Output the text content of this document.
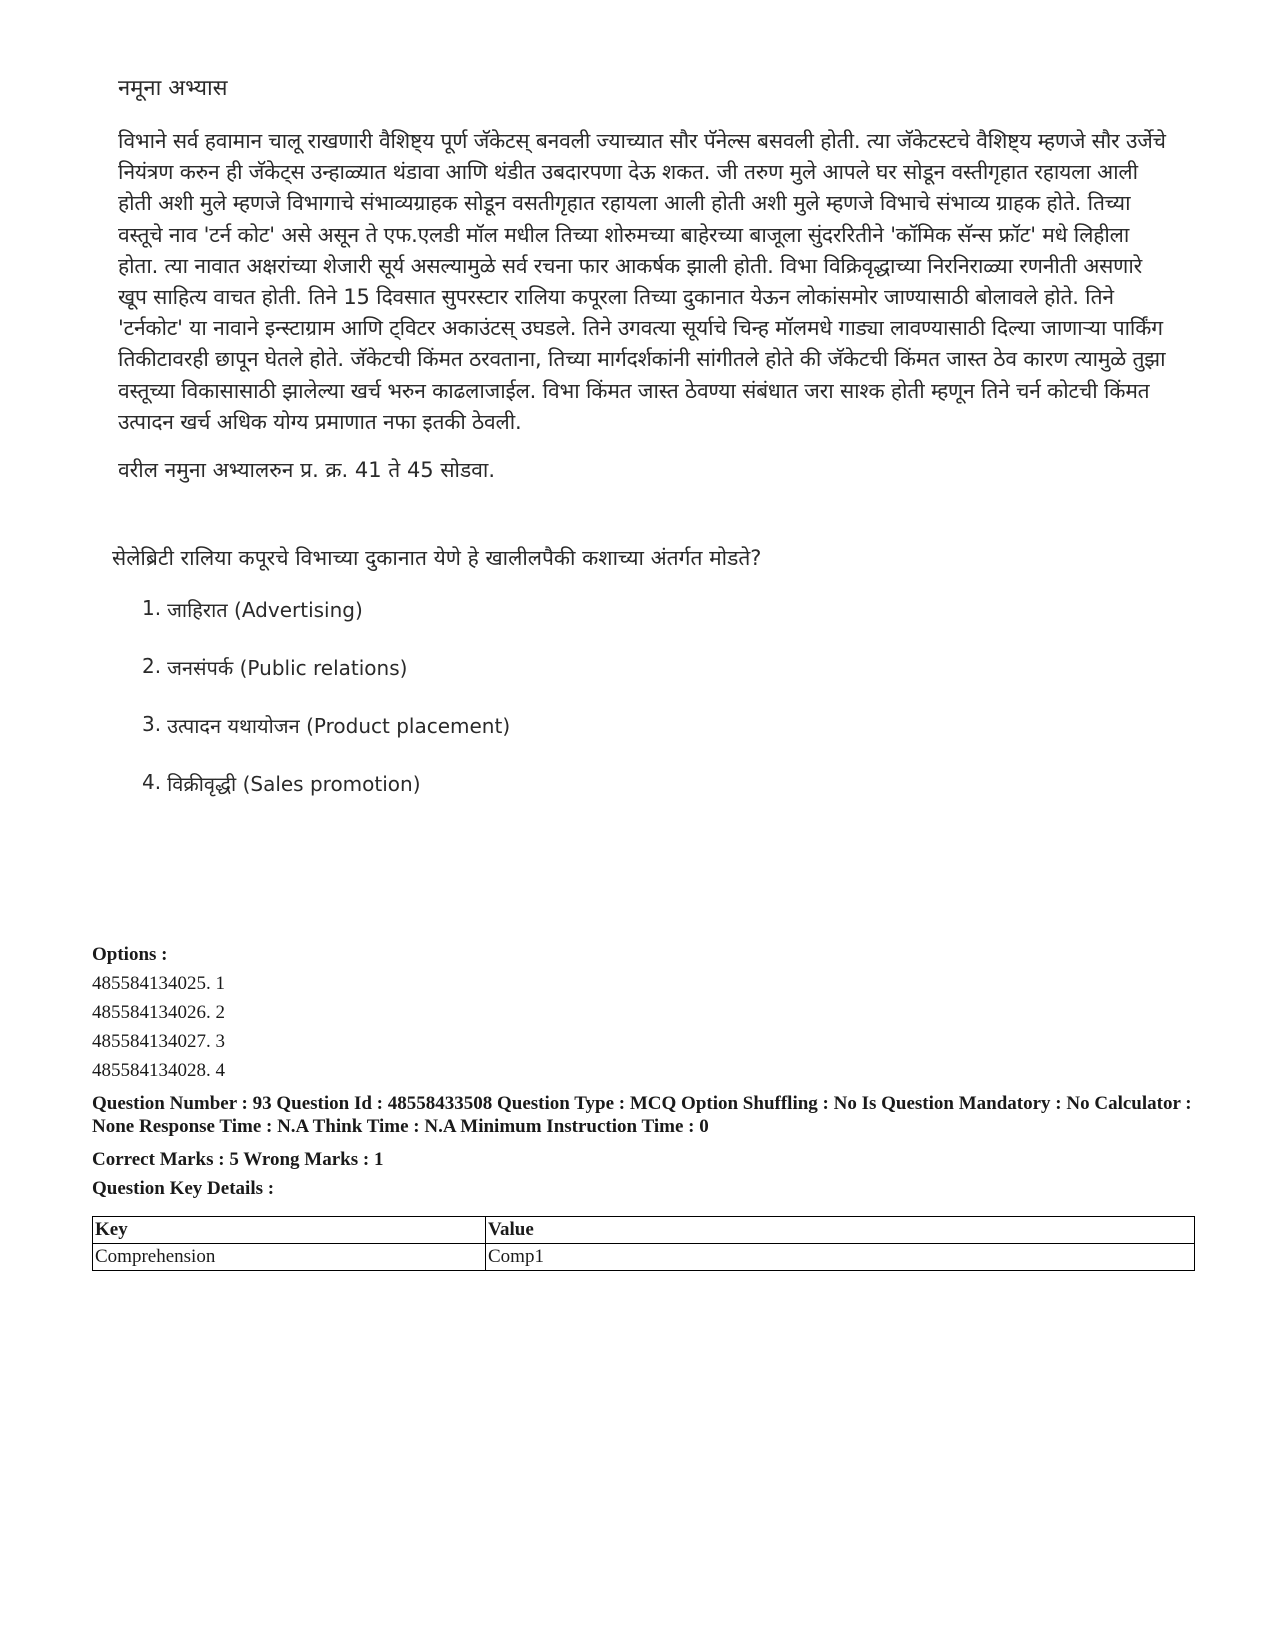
नमूना अभ्यास
विभाने सर्व हवामान चालू राखणारी वैशिष्ट्य पूर्ण जॅकेटस् बनवली ज्याच्यात सौर पॅनेल्स बसवली होती. त्या जॅकेटस्टचे वैशिष्ट्य म्हणजे सौर उर्जेचे नियंत्रण करुन ही जॅकेट्स उन्हाळ्यात थंडावा आणि थंडीत उबदारपणा देऊ शकत. जी तरुण मुले आपले घर सोडून वस्तीगृहात रहायला आली होती अशी मुले म्हणजे विभागाचे संभाव्यग्राहक सोडून वसतीगृहात रहायला आली होती अशी मुले म्हणजे विभाचे संभाव्य ग्राहक होते. तिच्या वस्तूचे नाव 'टर्न कोट' असे असून ते एफ.एलडी मॉल मधील तिच्या शोरुमच्या बाहेरच्या बाजूला सुंदररितीने 'कॉमिक सॅन्स फ्रॉट' मधे लिहीला होता. त्या नावात अक्षरांच्या शेजारी सूर्य असल्यामुळे सर्व रचना फार आकर्षक झाली होती. विभा विक्रिवृद्धाच्या निरनिराळ्या रणनीती असणारे खूप साहित्य वाचत होती. तिने 15 दिवसात सुपरस्टार रालिया कपूरला तिच्या दुकानात येऊन लोकांसमोर जाण्यासाठी बोलावले होते. तिने 'टर्नकोट' या नावाने इन्स्टाग्राम आणि ट्विटर अकाउंटस् उघडले. तिने उगवत्या सूर्याचे चिन्ह मॉलमधे गाड्या लावण्यासाठी दिल्या जाणाऱ्या पार्किंग तिकीटावरही छापून घेतले होते. जॅकेटची किंमत ठरवताना, तिच्या मार्गदर्शकांनी सांगीतले होते की जॅकेटची किंमत जास्त ठेव कारण त्यामुळे तुझा वस्तूच्या विकासासाठी झालेल्या खर्च भरुन काढलाजाईल. विभा किंमत जास्त ठेवण्या संबंधात जरा साश्क होती म्हणून तिने चर्न कोटची किंमत उत्पादन खर्च अधिक योग्य प्रमाणात नफा इतकी ठेवली.
वरील नमुना अभ्यालरुन प्र. क्र. 41 ते 45 सोडवा.
सेलेब्रिटी रालिया कपूरचे विभाच्या दुकानात येणे हे खालीलपैकी कशाच्या अंतर्गत मोडते?
1. जाहिरात (Advertising)
2. जनसंपर्क (Public relations)
3. उत्पादन यथायोजन (Product placement)
4. विक्रीवृद्धी (Sales promotion)
Options :
485584134025. 1
485584134026. 2
485584134027. 3
485584134028. 4
Question Number : 93 Question Id : 48558433508 Question Type : MCQ Option Shuffling : No Is Question Mandatory : No Calculator : None Response Time : N.A Think Time : N.A Minimum Instruction Time : 0
Correct Marks : 5 Wrong Marks : 1
Question Key Details :
Key	Value
Comprehension	Comp1
